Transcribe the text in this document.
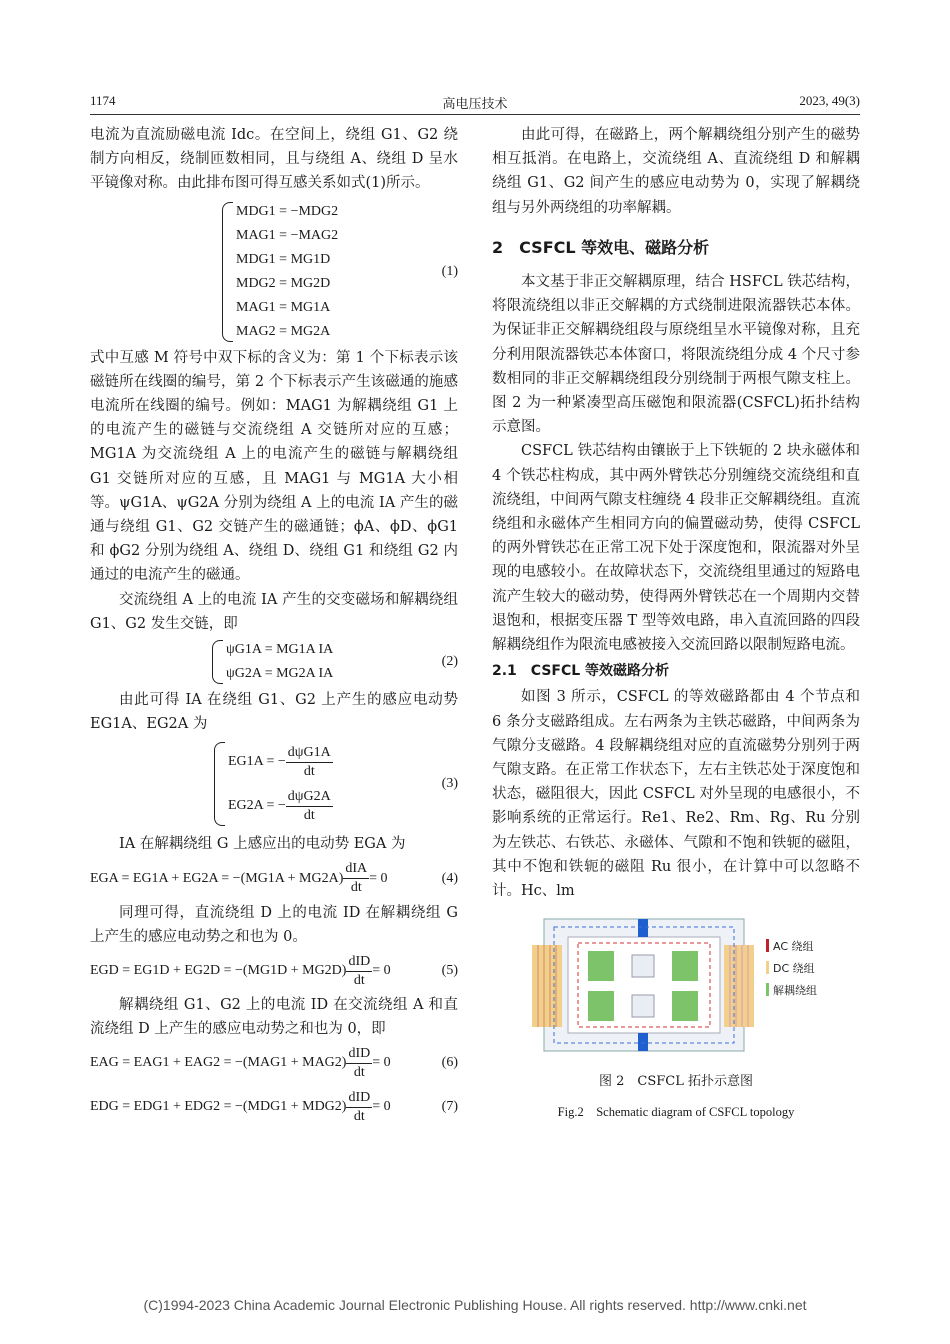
1174	高电压技术	2023, 49(3)

电流为直流励磁电流 Idc。在空间上，绕组 G1、G2 绕制方向相反，绕制匝数相同，且与绕组 A、绕组 D 呈水平镜像对称。由此排布图可得互感关系如式(1)所示。

MDG1 = −MDG2
MAG1 = −MAG2
MDG1 = MG1D
MDG2 = MG2D
MAG1 = MG1A
MAG2 = MG2A
(1)

式中互感 M 符号中双下标的含义为：第 1 个下标表示该磁链所在线圈的编号，第 2 个下标表示产生该磁通的施感电流所在线圈的编号。例如：MAG1 为解耦绕组 G1 上的电流产生的磁链与交流绕组 A 交链所对应的互感；MG1A 为交流绕组 A 上的电流产生的磁链与解耦绕组 G1 交链所对应的互感，且 MAG1 与 MG1A 大小相等。ψG1A、ψG2A 分别为绕组 A 上的电流 IA 产生的磁通与绕组 G1、G2 交链产生的磁通链；ϕA、ϕD、ϕG1 和 ϕG2 分别为绕组 A、绕组 D、绕组 G1 和绕组 G2 内通过的电流产生的磁通。

交流绕组 A 上的电流 IA 产生的交变磁场和解耦绕组 G1、G2 发生交链，即

ψG1A = MG1A IA
ψG2A = MG2A IA
(2)

由此可得 IA 在绕组 G1、G2 上产生的感应电动势 EG1A、EG2A 为

EG1A = − $\frac{\text{dψG1A}}{dt}$
EG2A = − $\frac{\text{dψG2A}}{dt}$
(3)

IA 在解耦绕组 G 上感应出的电动势 EGA 为

EGA = $EG1A + EG2A = -(MG1A + MG2A) \frac{\text{dIA}}{dt} = 0$	(4)

同理可得，直流绕组 D 上的电流 ID 在解耦绕组 G 上产生的感应电动势之和也为 0。

EGD = $EG1D + EG2D = -(MG1D + MG2D) \frac{\text{dID}}{dt} = 0$	(5)

解耦绕组 G1、G2 上的电流 ID 在交流绕组 A 和直流绕组 D 上产生的感应电动势之和也为 0，即

EAG = $EAG1 + EAG2 = -(MAG1 + MAG2) \frac{\text{dID}}{dt} = 0$	(6)
EDG = $EDG1 + EDG2 = -(MDG1 + MDG2) \frac{\text{dID}}{dt} = 0$	(7)

由此可得，在磁路上，两个解耦绕组分别产生的磁势相互抵消。在电路上，交流绕组 A、直流绕组 D 和解耦绕组 G1、G2 间产生的感应电动势为 0，实现了解耦绕组与另外两绕组的功率解耦。

2　CSFCL 等效电、磁路分析

本文基于非正交解耦原理，结合 HSFCL 铁芯结构，将限流绕组以非正交解耦的方式绕制进限流器铁芯本体。为保证非正交解耦绕组段与原绕组呈水平镜像对称，且充分利用限流器铁芯本体窗口，将限流绕组分成 4 个尺寸参数相同的非正交解耦绕组段分别绕制于两根气隙支柱上。图 2 为一种紧凑型高压磁饱和限流器(CSFCL)拓扑结构示意图。

CSFCL 铁芯结构由镶嵌于上下铁轭的 2 块永磁体和 4 个铁芯柱构成，其中两外臂铁芯分别缠绕交流绕组和直流绕组，中间两气隙支柱缠绕 4 段非正交解耦绕组。直流绕组和永磁体产生相同方向的偏置磁动势，使得 CSFCL 的两外臂铁芯在正常工况下处于深度饱和，限流器对外呈现的电感较小。在故障状态下，交流绕组里通过的短路电流产生较大的磁动势，使得两外臂铁芯在一个周期内交替退饱和，根据变压器 T 型等效电路，串入直流回路的四段解耦绕组作为限流电感被接入交流回路以限制短路电流。

2.1　CSFCL 等效磁路分析

如图 3 所示，CSFCL 的等效磁路都由 4 个节点和 6 条分支磁路组成。左右两条为主铁芯磁路，中间两条为气隙分支磁路。4 段解耦绕组对应的直流磁势分别列于两气隙支路。在正常工作状态下，左右主铁芯处于深度饱和状态，磁阻很大，因此 CSFCL 对外呈现的电感很小，不影响系统的正常运行。Re1、Re2、Rm、Rg、Ru 分别为左铁芯、右铁芯、永磁体、气隙和不饱和铁轭的磁阻，其中不饱和铁轭的磁阻 Ru 很小，在计算中可以忽略不计。Hc、lm

AC 绕组
DC 绕组
解耦绕组
图 2　CSFCL 拓扑示意图
Fig.2　Schematic diagram of CSFCL topology
(C)1994-2023 China Academic Journal Electronic Publishing House. All rights reserved. http://www.cnki.net
